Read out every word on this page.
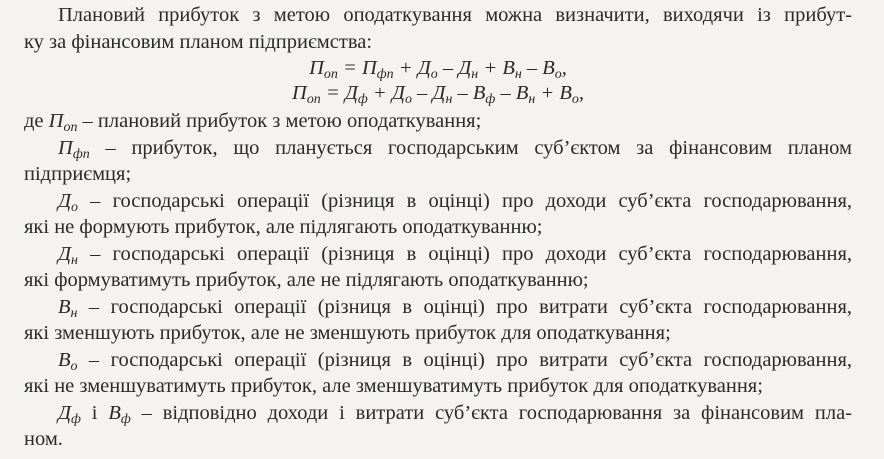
Плановий прибуток з метою оподаткування можна визначити, виходячи із прибут-
ку за фінансовим планом підприємства:

$П_{оп} = П_{фп} + Д_о - Д_н + В_н - В_о$,

$П_{оп} = Д_ф + Д_о - Д_н - В_ф - В_н + В_о$,

де $П_{оп}$ – плановий прибуток з метою оподаткування;

$П_{фп}$ – прибуток, що планується господарським суб’єктом за фінансовим планом
підприємця;

$Д_о$ – господарські операції (різниця в оцінці) про доходи суб’єкта господарювання,
які не формують прибуток, але підлягають оподаткуванню;

$Д_н$ – господарські операції (різниця в оцінці) про доходи суб’єкта господарювання,
які формуватимуть прибуток, але не підлягають оподаткуванню;

$В_н$ – господарські операції (різниця в оцінці) про витрати суб’єкта господарювання,
які зменшують прибуток, але не зменшують прибуток для оподаткування;

$В_о$ – господарські операції (різниця в оцінці) про витрати суб’єкта господарювання,
які не зменшуватимуть прибуток, але зменшуватимуть прибуток для оподаткування;

$Д_ф$ і $В_ф$ – відповідно доходи і витрати суб’єкта господарювання за фінансовим пла-
ном.
